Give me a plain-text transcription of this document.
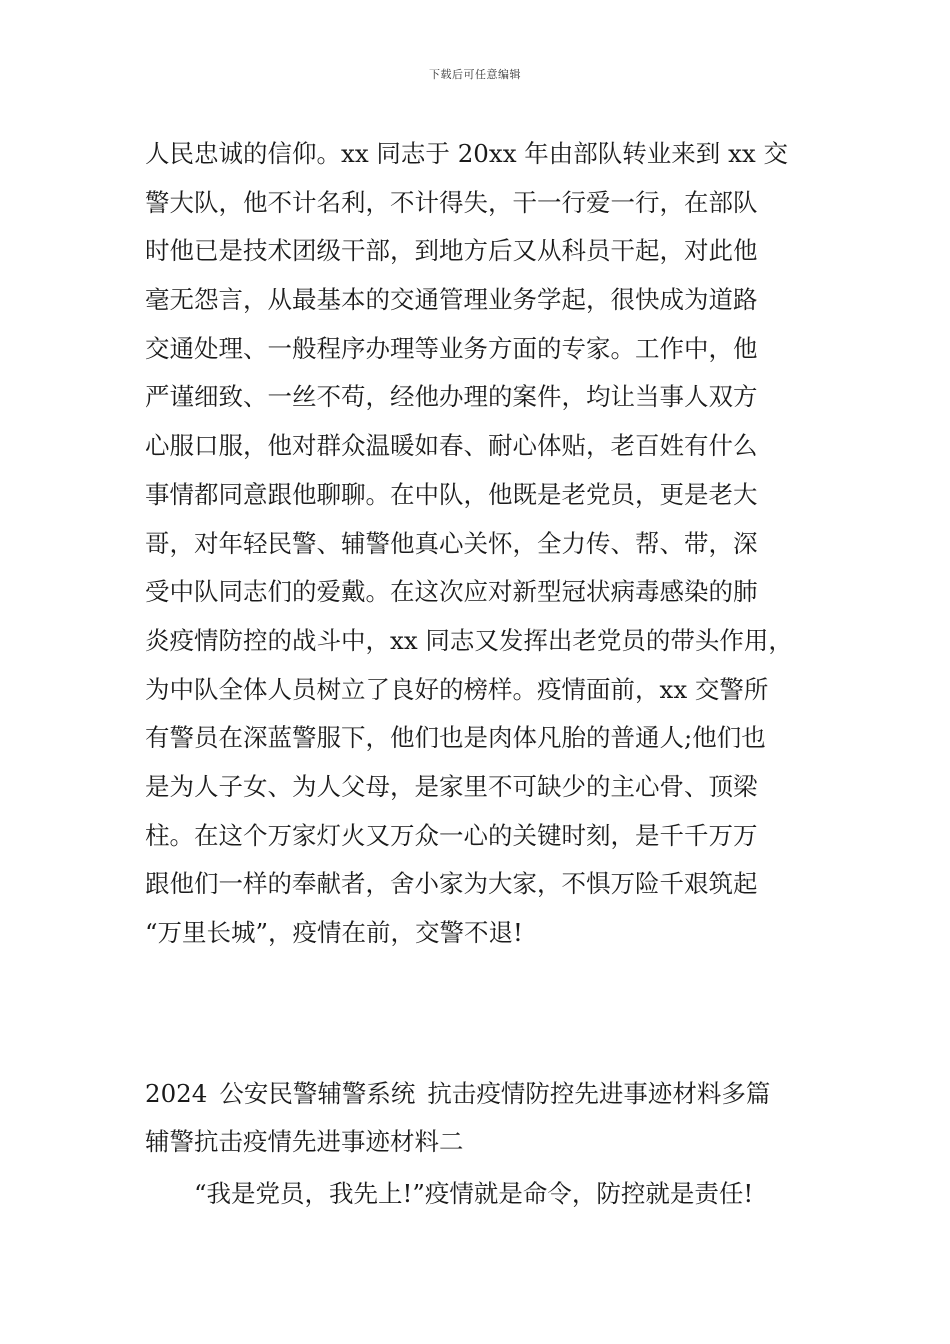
下载后可任意编辑
人民忠诚的信仰。xx 同志于 20xx 年由部队转业来到 xx 交
警大队，他不计名利，不计得失，干一行爱一行，在部队
时他已是技术团级干部，到地方后又从科员干起，对此他
毫无怨言，从最基本的交通管理业务学起，很快成为道路
交通处理、一般程序办理等业务方面的专家。工作中，他
严谨细致、一丝不苟，经他办理的案件，均让当事人双方
心服口服，他对群众温暖如春、耐心体贴，老百姓有什么
事情都同意跟他聊聊。在中队，他既是老党员，更是老大
哥，对年轻民警、辅警他真心关怀，全力传、帮、带，深
受中队同志们的爱戴。在这次应对新型冠状病毒感染的肺
炎疫情防控的战斗中，xx 同志又发挥出老党员的带头作用，
为中队全体人员树立了良好的榜样。疫情面前，xx 交警所
有警员在深蓝警服下，他们也是肉体凡胎的普通人;他们也
是为人子女、为人父母，是家里不可缺少的主心骨、顶梁
柱。在这个万家灯火又万众一心的关键时刻，是千千万万
跟他们一样的奉献者，舍小家为大家，不惧万险千艰筑起
“万里长城”，疫情在前，交警不退!
2024 公安民警辅警系统 抗击疫情防控先进事迹材料多篇
辅警抗击疫情先进事迹材料二
“我是党员，我先上!”疫情就是命令，防控就是责任!
